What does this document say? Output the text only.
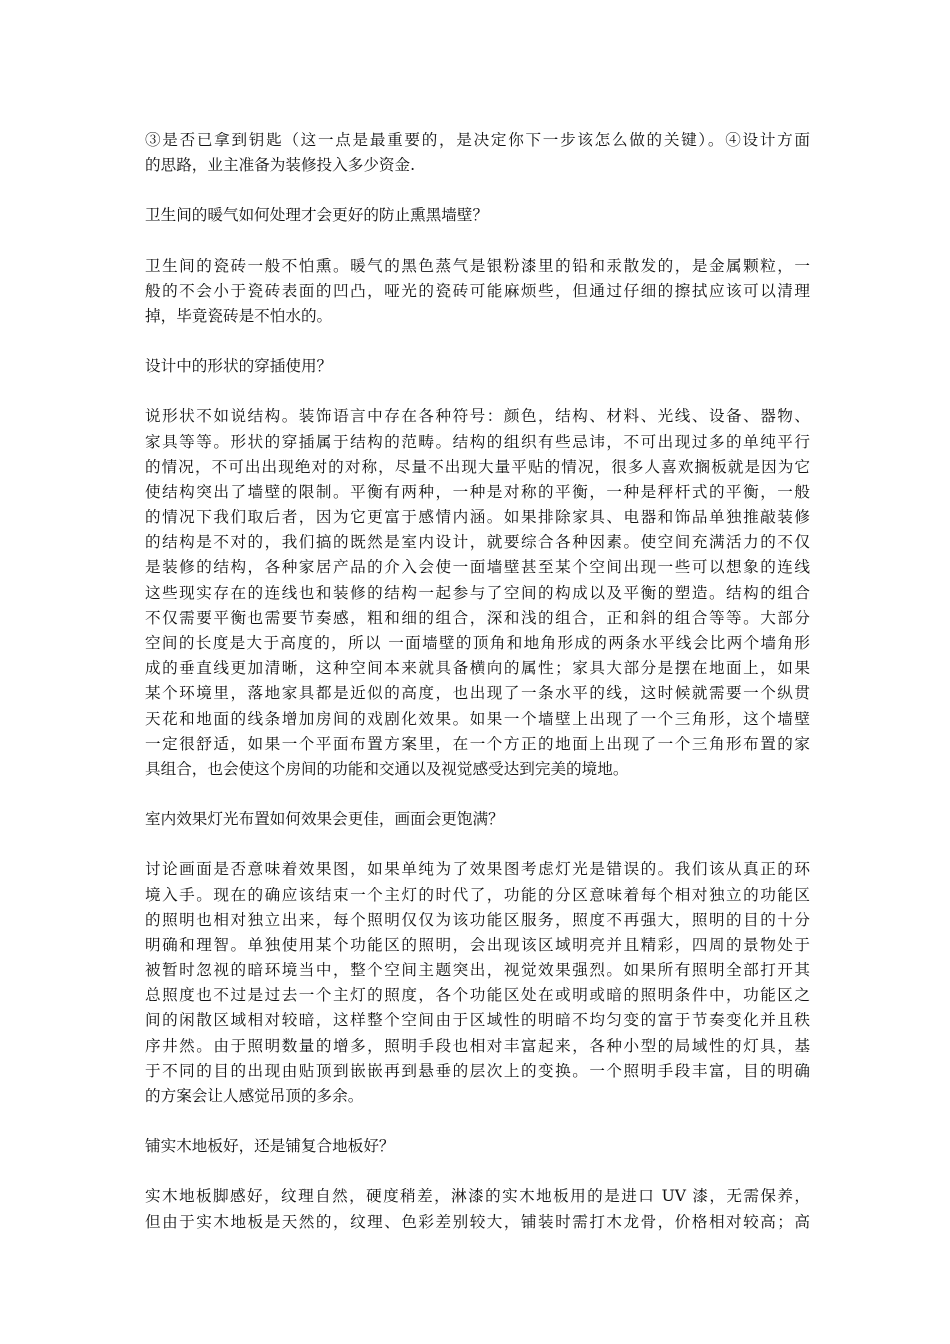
③是否已拿到钥匙（这一点是最重要的，是决定你下一步该怎么做的关键）。④设计方面
的思路，业主准备为装修投入多少资金.
卫生间的暖气如何处理才会更好的防止熏黑墙壁？
卫生间的瓷砖一般不怕熏。暖气的黑色蒸气是银粉漆里的铅和汞散发的，是金属颗粒，一
般的不会小于瓷砖表面的凹凸，哑光的瓷砖可能麻烦些，但通过仔细的擦拭应该可以清理
掉，毕竟瓷砖是不怕水的。
设计中的形状的穿插使用？
说形状不如说结构。装饰语言中存在各种符号：颜色，结构、材料、光线、设备、器物、
家具等等。形状的穿插属于结构的范畴。结构的组织有些忌讳，不可出现过多的单纯平行
的情况，不可出出现绝对的对称，尽量不出现大量平贴的情况，很多人喜欢搁板就是因为它
使结构突出了墙壁的限制。平衡有两种，一种是对称的平衡，一种是秤杆式的平衡，一般
的情况下我们取后者，因为它更富于感情内涵。如果排除家具、电器和饰品单独推敲装修
的结构是不对的，我们搞的既然是室内设计，就要综合各种因素。使空间充满活力的不仅
是装修的结构，各种家居产品的介入会使一面墙壁甚至某个空间出现一些可以想象的连线
这些现实存在的连线也和装修的结构一起参与了空间的构成以及平衡的塑造。结构的组合
不仅需要平衡也需要节奏感，粗和细的组合，深和浅的组合，正和斜的组合等等。大部分
空间的长度是大于高度的，所以 一面墙壁的顶角和地角形成的两条水平线会比两个墙角形
成的垂直线更加清晰，这种空间本来就具备横向的属性；家具大部分是摆在地面上，如果
某个环境里，落地家具都是近似的高度，也出现了一条水平的线，这时候就需要一个纵贯
天花和地面的线条增加房间的戏剧化效果。如果一个墙壁上出现了一个三角形，这个墙壁
一定很舒适，如果一个平面布置方案里，在一个方正的地面上出现了一个三角形布置的家
具组合，也会使这个房间的功能和交通以及视觉感受达到完美的境地。
室内效果灯光布置如何效果会更佳，画面会更饱满？
讨论画面是否意味着效果图，如果单纯为了效果图考虑灯光是错误的。我们该从真正的环
境入手。现在的确应该结束一个主灯的时代了，功能的分区意味着每个相对独立的功能区
的照明也相对独立出来，每个照明仅仅为该功能区服务，照度不再强大，照明的目的十分
明确和理智。单独使用某个功能区的照明，会出现该区域明亮并且精彩，四周的景物处于
被暂时忽视的暗环境当中，整个空间主题突出，视觉效果强烈。如果所有照明全部打开其
总照度也不过是过去一个主灯的照度，各个功能区处在或明或暗的照明条件中，功能区之
间的闲散区域相对较暗，这样整个空间由于区域性的明暗不均匀变的富于节奏变化并且秩
序井然。由于照明数量的增多，照明手段也相对丰富起来，各种小型的局域性的灯具，基
于不同的目的出现由贴顶到嵌嵌再到悬垂的层次上的变换。一个照明手段丰富，目的明确
的方案会让人感觉吊顶的多余。
铺实木地板好，还是铺复合地板好？
实木地板脚感好，纹理自然，硬度稍差，淋漆的实木地板用的是进口 UV 漆，无需保养，
但由于实木地板是天然的，纹理、色彩差别较大，铺装时需打木龙骨，价格相对较高；高
